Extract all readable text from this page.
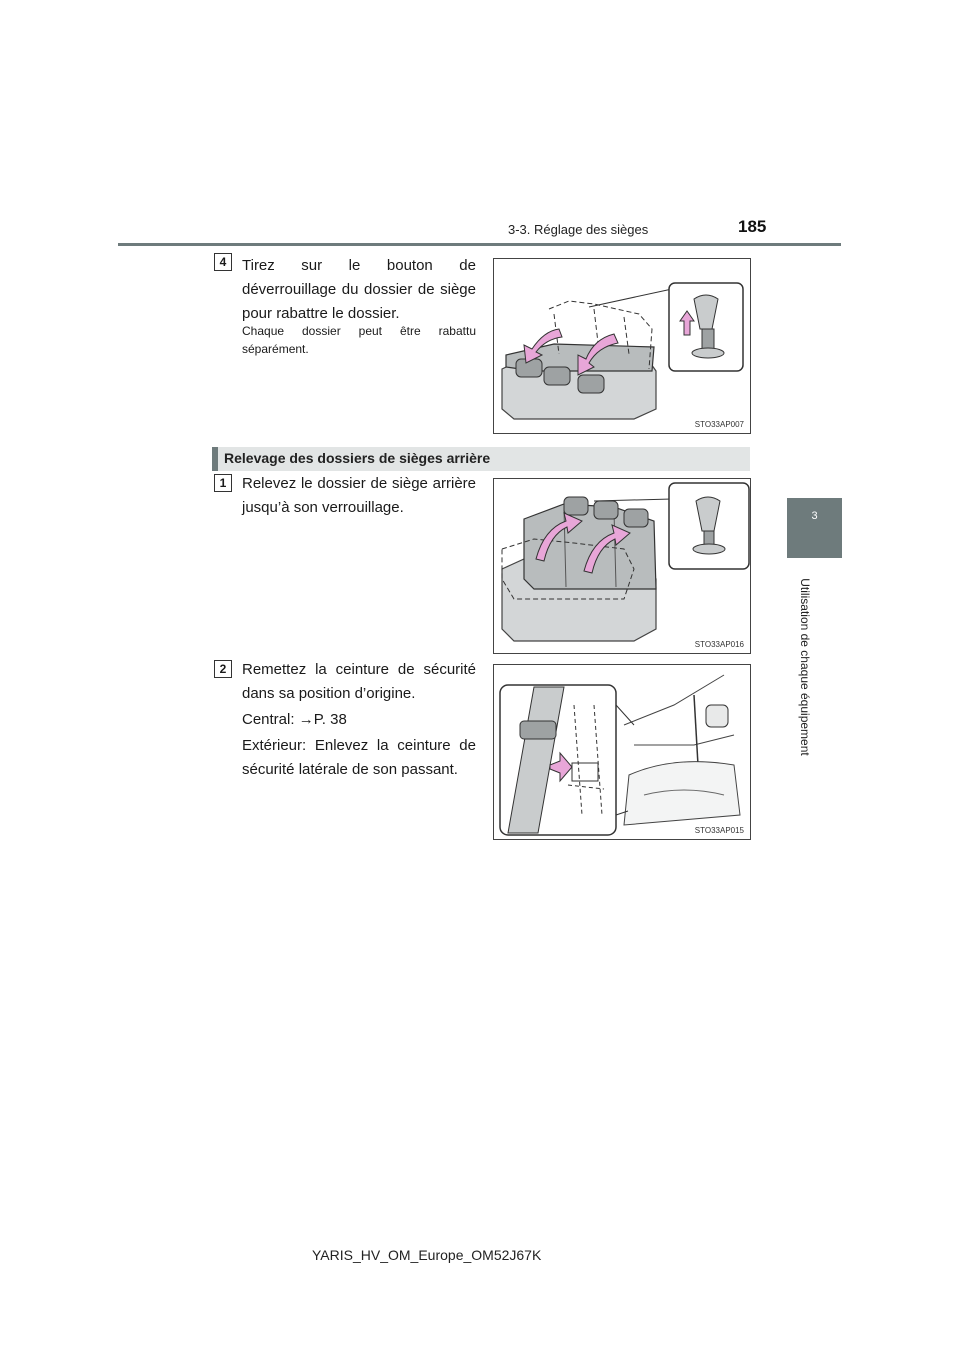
3-3. Réglage des sièges	185
3
Utilisation de chaque équipement
4	Tirez sur le bouton de déverrouillage du dossier de siège pour rabattre le dossier.
Chaque dossier peut être rabattu séparément.
STO33AP007
Relevage des dossiers de sièges arrière
1	Relevez le dossier de siège arrière jusqu’à son verrouillage.
STO33AP016
2	Remettez la ceinture de sécurité dans sa position d’origine.
Central: →P. 38
Extérieur: Enlevez la ceinture de sécurité latérale de son passant.
STO33AP015
YARIS_HV_OM_Europe_OM52J67K
